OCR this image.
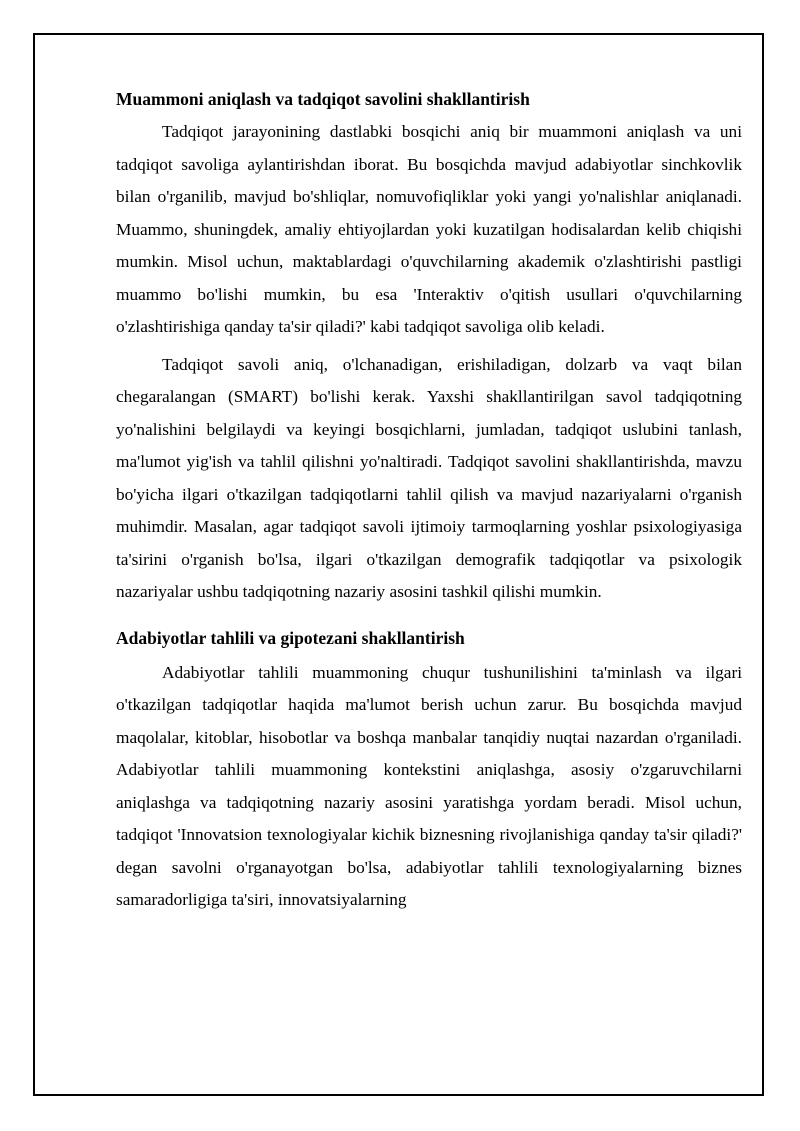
Muammoni aniqlash va tadqiqot savolini shakllantirish

Tadqiqot jarayonining dastlabki bosqichi aniq bir muammoni aniqlash va uni tadqiqot savoliga aylantirishdan iborat. Bu bosqichda mavjud adabiyotlar sinchkovlik bilan o'rganilib, mavjud bo'shliqlar, nomuvofiqliklar yoki yangi yo'nalishlar aniqlanadi. Muammo, shuningdek, amaliy ehtiyojlardan yoki kuzatilgan hodisalardan kelib chiqishi mumkin. Misol uchun, maktablardagi o'quvchilarning akademik o'zlashtirishi pastligi muammo bo'lishi mumkin, bu esa 'Interaktiv o'qitish usullari o'quvchilarning o'zlashtirishiga qanday ta'sir qiladi?' kabi tadqiqot savoliga olib keladi.

Tadqiqot savoli aniq, o'lchanadigan, erishiladigan, dolzarb va vaqt bilan chegaralangan (SMART) bo'lishi kerak. Yaxshi shakllantirilgan savol tadqiqotning yo'nalishini belgilaydi va keyingi bosqichlarni, jumladan, tadqiqot uslubini tanlash, ma'lumot yig'ish va tahlil qilishni yo'naltiradi. Tadqiqot savolini shakllantirishda, mavzu bo'yicha ilgari o'tkazilgan tadqiqotlarni tahlil qilish va mavjud nazariyalarni o'rganish muhimdir. Masalan, agar tadqiqot savoli ijtimoiy tarmoqlarning yoshlar psixologiyasiga ta'sirini o'rganish bo'lsa, ilgari o'tkazilgan demografik tadqiqotlar va psixologik nazariyalar ushbu tadqiqotning nazariy asosini tashkil qilishi mumkin.

Adabiyotlar tahlili va gipotezani shakllantirish

Adabiyotlar tahlili muammoning chuqur tushunilishini ta'minlash va ilgari o'tkazilgan tadqiqotlar haqida ma'lumot berish uchun zarur. Bu bosqichda mavjud maqolalar, kitoblar, hisobotlar va boshqa manbalar tanqidiy nuqtai nazardan o'rganiladi. Adabiyotlar tahlili muammoning kontekstini aniqlashga, asosiy o'zgaruvchilarni aniqlashga va tadqiqotning nazariy asosini yaratishga yordam beradi. Misol uchun, tadqiqot 'Innovatsion texnologiyalar kichik biznesning rivojlanishiga qanday ta'sir qiladi?' degan savolni o'rganayotgan bo'lsa, adabiyotlar tahlili texnologiyalarning biznes samaradorligiga ta'siri, innovatsiyalarning
